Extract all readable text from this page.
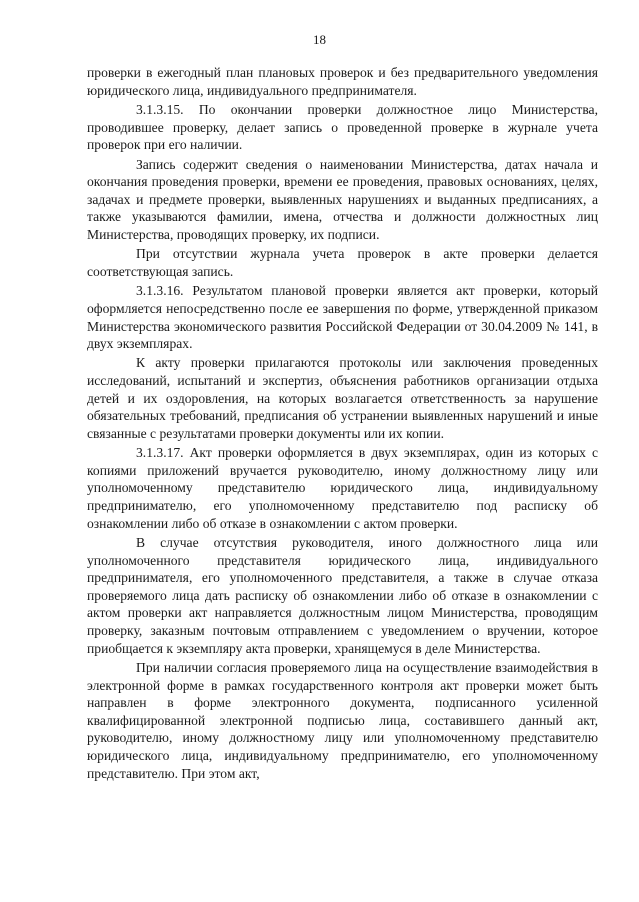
18

проверки в ежегодный план плановых проверок и без предварительного уведомления юридического лица, индивидуального предпринимателя.

3.1.3.15. По окончании проверки должностное лицо Министерства, проводившее проверку, делает запись о проведенной проверке в журнале учета проверок при его наличии.

Запись содержит сведения о наименовании Министерства, датах начала и окончания проведения проверки, времени ее проведения, правовых основаниях, целях, задачах и предмете проверки, выявленных нарушениях и выданных предписаниях, а также указываются фамилии, имена, отчества и должности должностных лиц Министерства, проводящих проверку, их подписи.

При отсутствии журнала учета проверок в акте проверки делается соответствующая запись.

3.1.3.16. Результатом плановой проверки является акт проверки, который оформляется непосредственно после ее завершения по форме, утвержденной приказом Министерства экономического развития Российской Федерации от 30.04.2009 № 141, в двух экземплярах.

К акту проверки прилагаются протоколы или заключения проведенных исследований, испытаний и экспертиз, объяснения работников организации отдыха детей и их оздоровления, на которых возлагается ответственность за нарушение обязательных требований, предписания об устранении выявленных нарушений и иные связанные с результатами проверки документы или их копии.

3.1.3.17. Акт проверки оформляется в двух экземплярах, один из которых с копиями приложений вручается руководителю, иному должностному лицу или уполномоченному представителю юридического лица, индивидуальному предпринимателю, его уполномоченному представителю под расписку об ознакомлении либо об отказе в ознакомлении с актом проверки.

В случае отсутствия руководителя, иного должностного лица или уполномоченного представителя юридического лица, индивидуального предпринимателя, его уполномоченного представителя, а также в случае отказа проверяемого лица дать расписку об ознакомлении либо об отказе в ознакомлении с актом проверки акт направляется должностным лицом Министерства, проводящим проверку, заказным почтовым отправлением с уведомлением о вручении, которое приобщается к экземпляру акта проверки, хранящемуся в деле Министерства.

При наличии согласия проверяемого лица на осуществление взаимодействия в электронной форме в рамках государственного контроля акт проверки может быть направлен в форме электронного документа, подписанного усиленной квалифицированной электронной подписью лица, составившего данный акт, руководителю, иному должностному лицу или уполномоченному представителю юридического лица, индивидуальному предпринимателю, его уполномоченному представителю. При этом акт,
